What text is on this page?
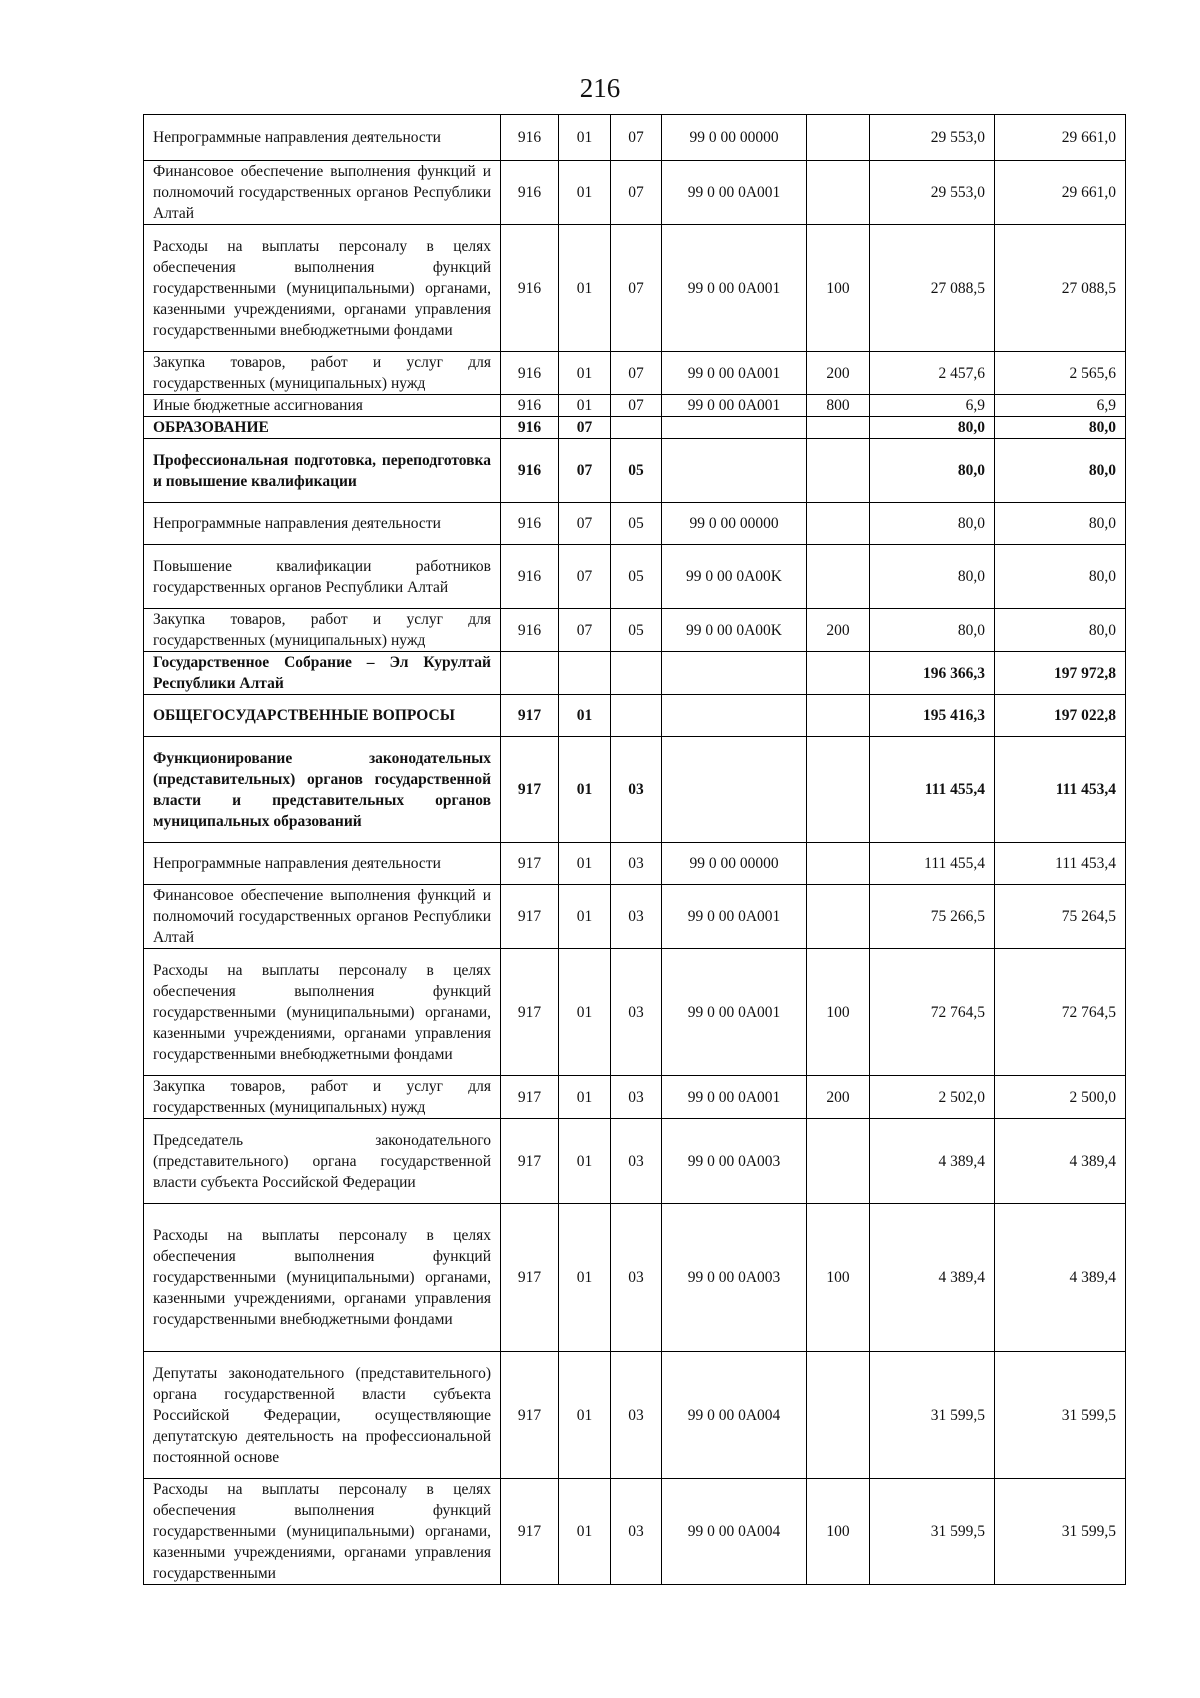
216
Непрограммные направления деятельности	916	01	07	99 0 00 00000		29 553,0	29 661,0
Финансовое обеспечение выполнения функций и полномочий государственных органов Республики Алтай	916	01	07	99 0 00 0A001		29 553,0	29 661,0
Расходы на выплаты персоналу в целях обеспечения выполнения функций государственными (муниципальными) органами, казенными учреждениями, органами управления государственными внебюджетными фондами	916	01	07	99 0 00 0A001	100	27 088,5	27 088,5
Закупка товаров, работ и услуг для государственных (муниципальных) нужд	916	01	07	99 0 00 0A001	200	2 457,6	2 565,6
Иные бюджетные ассигнования	916	01	07	99 0 00 0A001	800	6,9	6,9
ОБРАЗОВАНИЕ	916	07				80,0	80,0
Профессиональная подготовка, переподготовка и повышение квалификации	916	07	05			80,0	80,0
Непрограммные направления деятельности	916	07	05	99 0 00 00000		80,0	80,0
Повышение квалификации работников государственных органов Республики Алтай	916	07	05	99 0 00 0A00K		80,0	80,0
Закупка товаров, работ и услуг для государственных (муниципальных) нужд	916	07	05	99 0 00 0A00K	200	80,0	80,0
Государственное Собрание – Эл Курултай Республики Алтай						196 366,3	197 972,8
ОБЩЕГОСУДАРСТВЕННЫЕ ВОПРОСЫ	917	01				195 416,3	197 022,8
Функционирование законодательных (представительных) органов государственной власти и представительных органов муниципальных образований	917	01	03			111 455,4	111 453,4
Непрограммные направления деятельности	917	01	03	99 0 00 00000		111 455,4	111 453,4
Финансовое обеспечение выполнения функций и полномочий государственных органов Республики Алтай	917	01	03	99 0 00 0A001		75 266,5	75 264,5
Расходы на выплаты персоналу в целях обеспечения выполнения функций государственными (муниципальными) органами, казенными учреждениями, органами управления государственными внебюджетными фондами	917	01	03	99 0 00 0A001	100	72 764,5	72 764,5
Закупка товаров, работ и услуг для государственных (муниципальных) нужд	917	01	03	99 0 00 0A001	200	2 502,0	2 500,0
Председатель законодательного (представительного) органа государственной власти субъекта Российской Федерации	917	01	03	99 0 00 0A003		4 389,4	4 389,4
Расходы на выплаты персоналу в целях обеспечения выполнения функций государственными (муниципальными) органами, казенными учреждениями, органами управления государственными внебюджетными фондами	917	01	03	99 0 00 0A003	100	4 389,4	4 389,4
Депутаты законодательного (представительного) органа государственной власти субъекта Российской Федерации, осуществляющие депутатскую деятельность на профессиональной постоянной основе	917	01	03	99 0 00 0A004		31 599,5	31 599,5
Расходы на выплаты персоналу в целях обеспечения выполнения функций государственными (муниципальными) органами, казенными учреждениями, органами управления государственными	917	01	03	99 0 00 0A004	100	31 599,5	31 599,5
